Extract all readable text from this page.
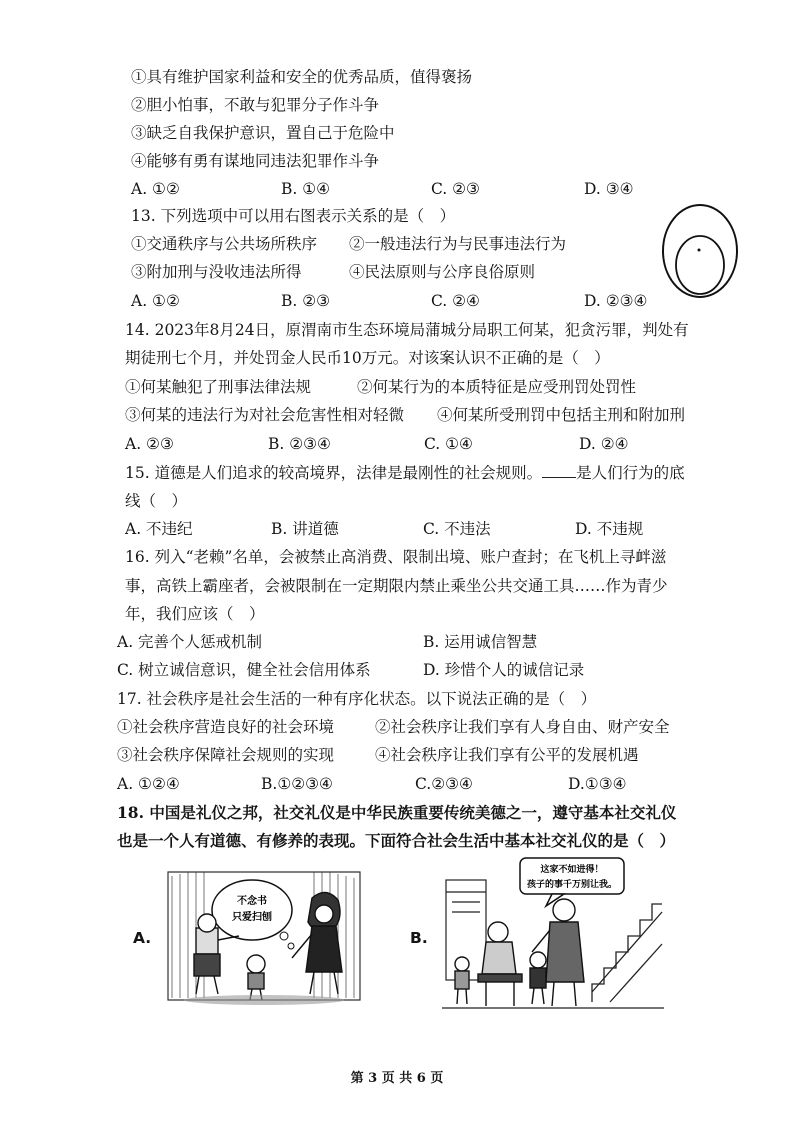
①具有维护国家利益和安全的优秀品质，值得褒扬
②胆小怕事，不敢与犯罪分子作斗争
③缺乏自我保护意识，置自己于危险中
④能够有勇有谋地同违法犯罪作斗争
A. ①②	B. ①④	C. ②③	D. ③④
13. 下列选项中可以用右图表示关系的是（　）
①交通秩序与公共场所秩序 ②一般违法行为与民事违法行为
③附加刑与没收违法所得	④民法原则与公序良俗原则
A. ①②	B. ②③	C. ②④	D. ②③④
14. 2023年8月24日，原渭南市生态环境局蒲城分局职工何某，犯贪污罪，判处有
期徒刑七个月，并处罚金人民币10万元。对该案认识不正确的是（　）
①何某触犯了刑事法律法规	②何某行为的本质特征是应受刑罚处罚性
③何某的违法行为对社会危害性相对轻微 ④何某所受刑罚中包括主刑和附加刑
A. ②③	B. ②③④	C. ①④	D. ②④
15. 道德是人们追求的较高境界，法律是最刚性的社会规则。 是人们行为的底
线（　）
A. 不违纪	B. 讲道德	C. 不违法	D. 不违规
16. 列入“老赖”名单，会被禁止高消费、限制出境、账户查封；在飞机上寻衅滋
事，高铁上霸座者，会被限制在一定期限内禁止乘坐公共交通工具……作为青少
年，我们应该（　）
A. 完善个人惩戒机制	B. 运用诚信智慧
C. 树立诚信意识，健全社会信用体系	D. 珍惜个人的诚信记录
17. 社会秩序是社会生活的一种有序化状态。以下说法正确的是（　）
①社会秩序营造良好的社会环境	②社会秩序让我们享有人身自由、财产安全
③社会秩序保障社会规则的实现	④社会秩序让我们享有公平的发展机遇
A. ①②④	B.①②③④	C.②③④	D.①③④
18. 中国是礼仪之邦，社交礼仪是中华民族重要传统美德之一，遵守基本社交礼仪
也是一个人有道德、有修养的表现。下面符合社会生活中基本社交礼仪的是（　）
A.	B.
不念书
只爱扫刨
这家不如进得！
孩子的事千万别让我。
第 3 页 共 6 页
